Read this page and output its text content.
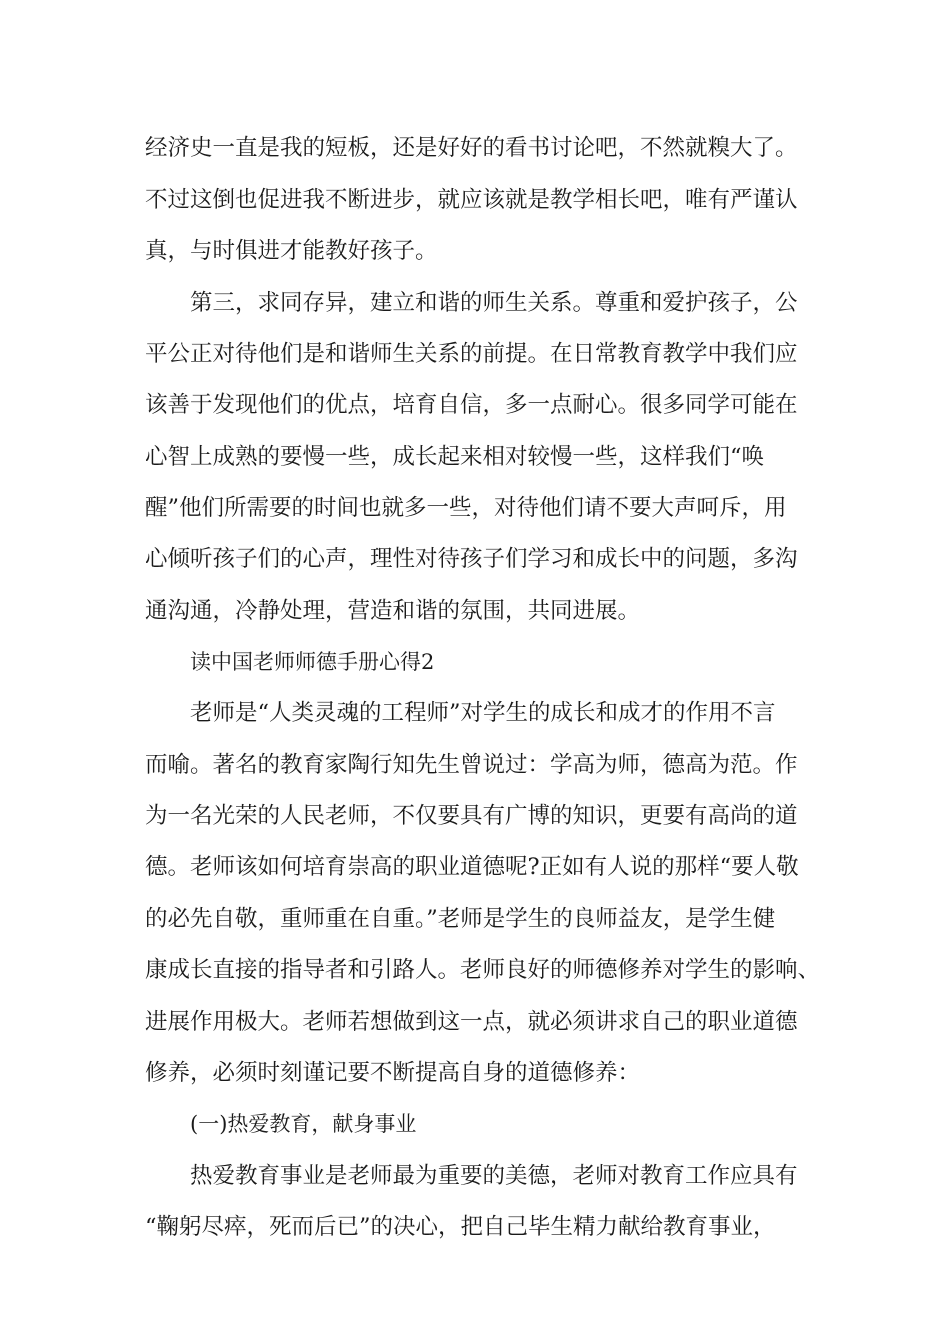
经济史一直是我的短板，还是好好的看书讨论吧，不然就糗大了。
不过这倒也促进我不断进步，就应该就是教学相长吧，唯有严谨认
真，与时俱进才能教好孩子。
第三，求同存异，建立和谐的师生关系。尊重和爱护孩子，公
平公正对待他们是和谐师生关系的前提。在日常教育教学中我们应
该善于发现他们的优点，培育自信，多一点耐心。很多同学可能在
心智上成熟的要慢一些，成长起来相对较慢一些，这样我们“唤
醒”他们所需要的时间也就多一些，对待他们请不要大声呵斥，用
心倾听孩子们的心声，理性对待孩子们学习和成长中的问题，多沟
通沟通，冷静处理，营造和谐的氛围，共同进展。
读中国老师师德手册心得2
老师是“人类灵魂的工程师”对学生的成长和成才的作用不言
而喻。著名的教育家陶行知先生曾说过：学高为师，德高为范。作
为一名光荣的人民老师，不仅要具有广博的知识，更要有高尚的道
德。老师该如何培育崇高的职业道德呢?正如有人说的那样“要人敬
的必先自敬，重师重在自重。”老师是学生的良师益友，是学生健
康成长直接的指导者和引路人。老师良好的师德修养对学生的影响、
进展作用极大。老师若想做到这一点，就必须讲求自己的职业道德
修养，必须时刻谨记要不断提高自身的道德修养：
(一)热爱教育，献身事业
热爱教育事业是老师最为重要的美德，老师对教育工作应具有
“鞠躬尽瘁，死而后已”的决心，把自己毕生精力献给教育事业，
